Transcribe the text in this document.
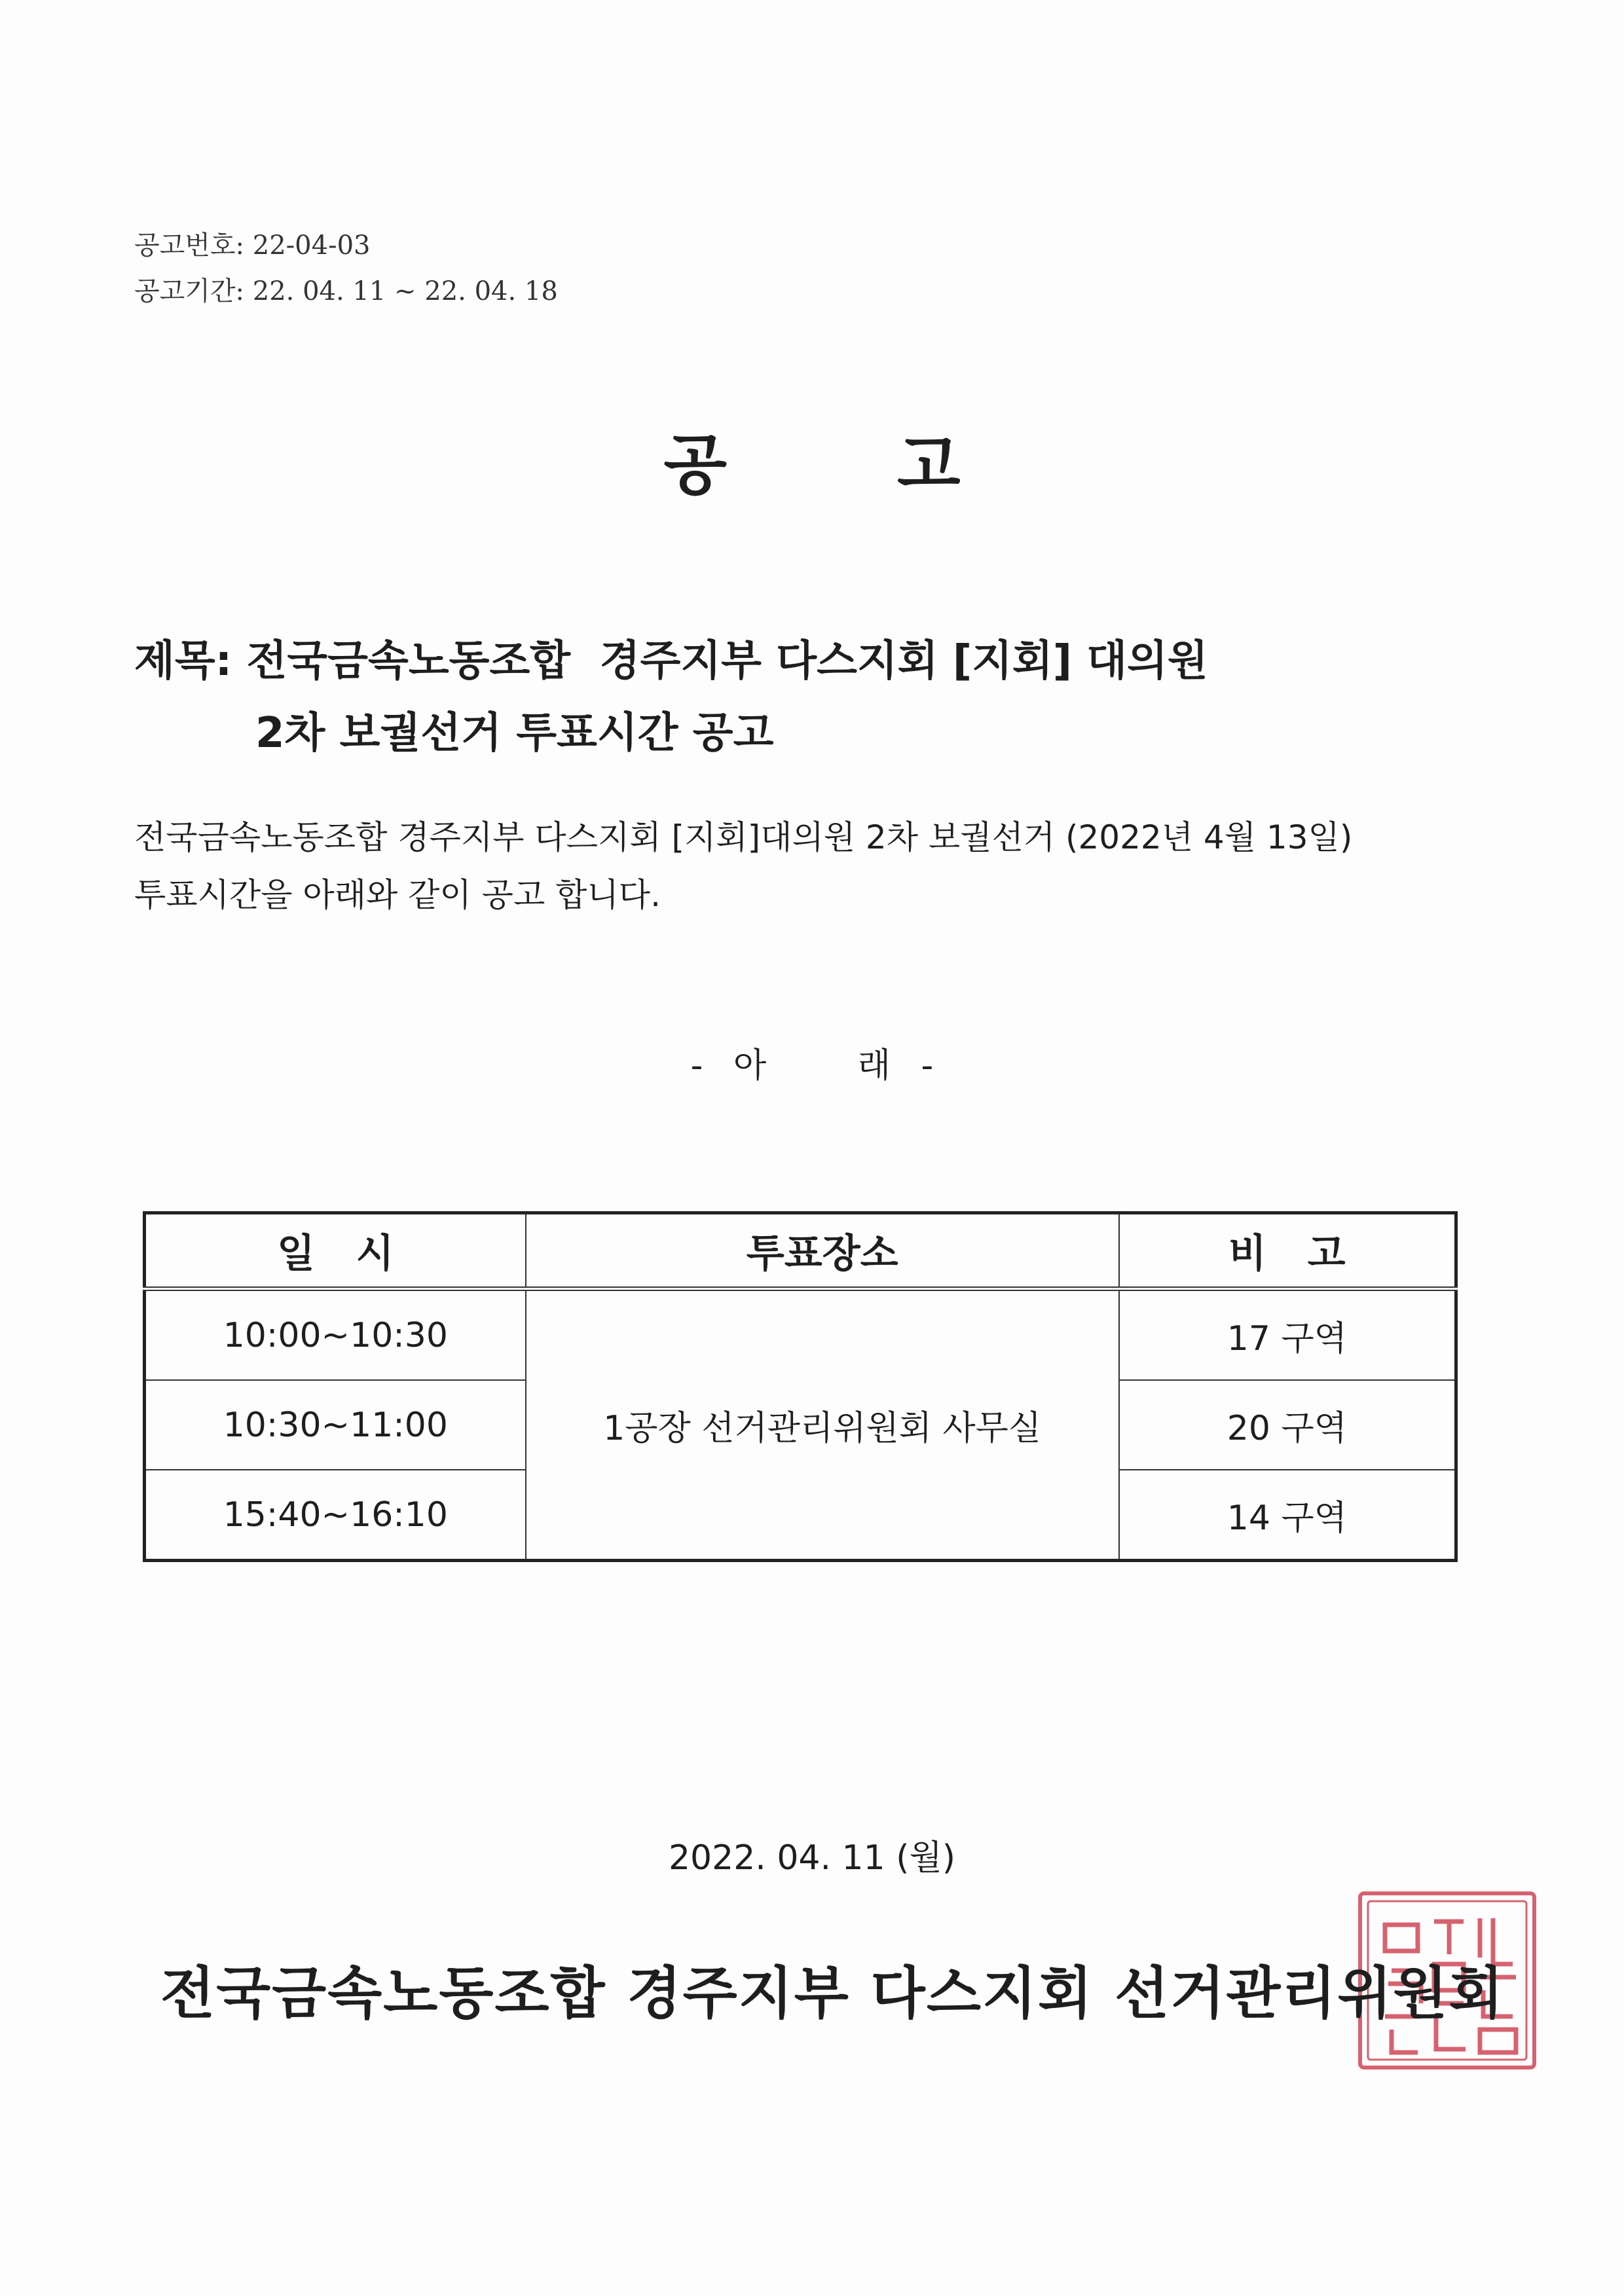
공고번호: 22-04-03
공고기간: 22. 04. 11 ~ 22. 04. 18
공	고
제목: 전국금속노동조합  경주지부 다스지회 [지회] 대의원
2차 보궐선거 투표시간 공고
전국금속노동조합 경주지부 다스지회 [지회]대의원 2차 보궐선거 (2022년 4월 13일)
투표시간을 아래와 같이 공고 합니다.
- 아   래 -
일   시	투표장소	비   고
10:00~10:30	1공장 선거관리위원회 사무실	17 구역
10:30~11:00		20 구역
15:40~16:10		14 구역
2022. 04. 11 (월)
전국금속노동조합 경주지부 다스지회 선거관리위원회
